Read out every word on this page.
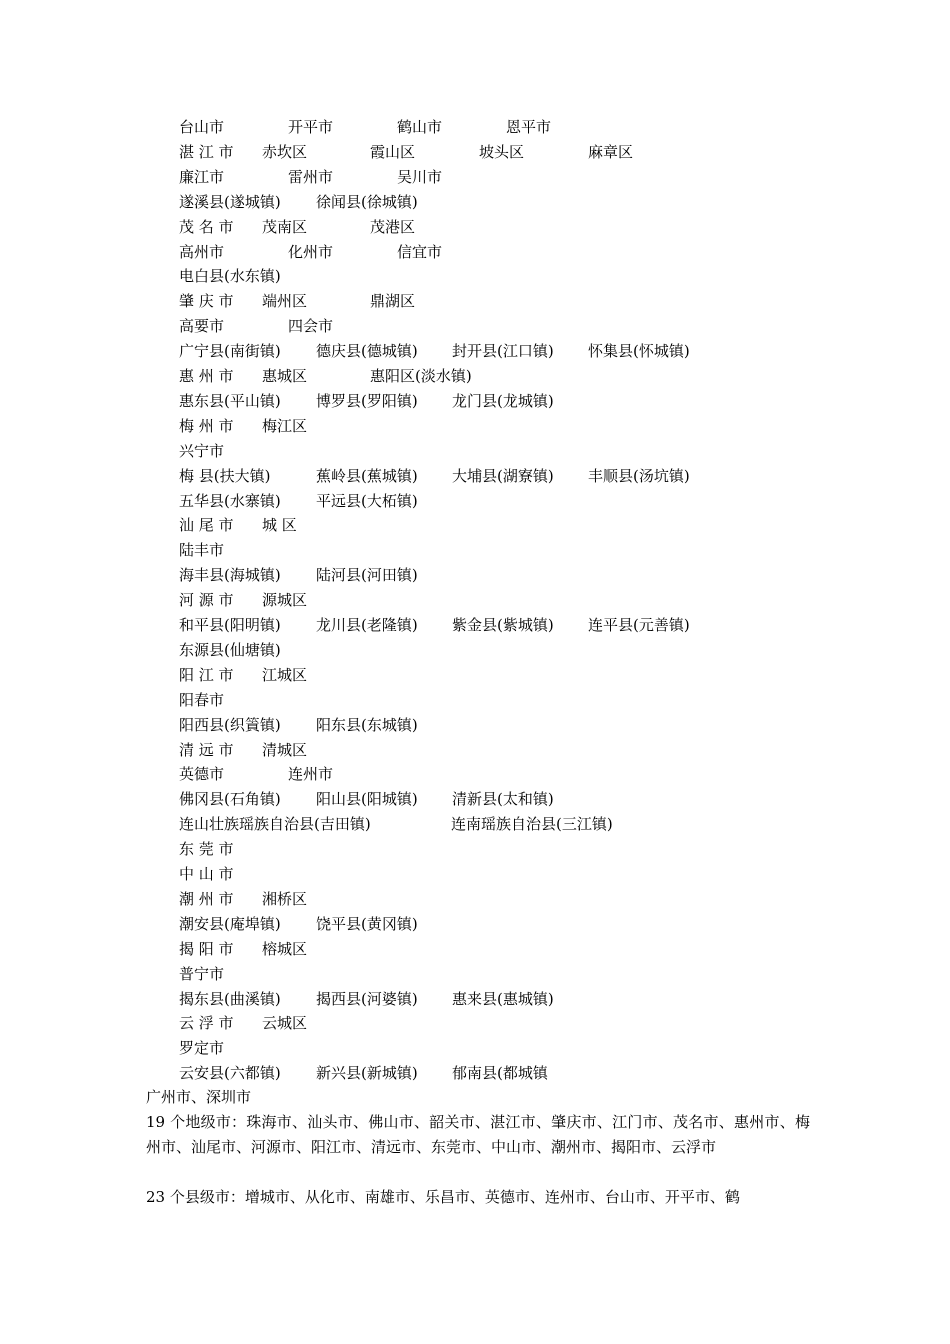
台山市	开平市	鹤山市	恩平市
湛 江 市 赤坎区	霞山区	坡头区	麻章区
廉江市	雷州市	吴川市
遂溪县(遂城镇) 徐闻县(徐城镇)
茂 名 市 茂南区	茂港区
高州市	化州市	信宜市
电白县(水东镇)
肇 庆 市 端州区	鼎湖区
高要市	四会市
广宁县(南街镇) 德庆县(德城镇) 封开县(江口镇) 怀集县(怀城镇)
惠 州 市 惠城区	惠阳区(淡水镇)
惠东县(平山镇) 博罗县(罗阳镇) 龙门县(龙城镇)
梅 州 市 梅江区
兴宁市
梅 县(扶大镇)	蕉岭县(蕉城镇) 大埔县(湖寮镇) 丰顺县(汤坑镇)
五华县(水寨镇) 平远县(大柘镇)
汕 尾 市 城 区
陆丰市
海丰县(海城镇) 陆河县(河田镇)
河 源 市 源城区
和平县(阳明镇) 龙川县(老隆镇) 紫金县(紫城镇) 连平县(元善镇)
东源县(仙塘镇)
阳 江 市 江城区
阳春市
阳西县(织篢镇) 阳东县(东城镇)
清 远 市 清城区
英德市	连州市
佛冈县(石角镇) 阳山县(阳城镇) 清新县(太和镇)
连山壮族瑶族自治县(吉田镇)	连南瑶族自治县(三江镇)
东 莞 市
中 山 市
潮 州 市 湘桥区
潮安县(庵埠镇) 饶平县(黄冈镇)
揭 阳 市 榕城区
普宁市
揭东县(曲溪镇) 揭西县(河婆镇) 惠来县(惠城镇)
云 浮 市 云城区
罗定市
云安县(六都镇) 新兴县(新城镇) 郁南县(都城镇
广州市、深圳市
19 个地级市：珠海市、汕头市、佛山市、韶关市、湛江市、肇庆市、江门市、茂名市、惠州市、梅州市、汕尾市、河源市、阳江市、清远市、东莞市、中山市、潮州市、揭阳市、云浮市
23 个县级市：增城市、从化市、南雄市、乐昌市、英德市、连州市、台山市、开平市、鹤
